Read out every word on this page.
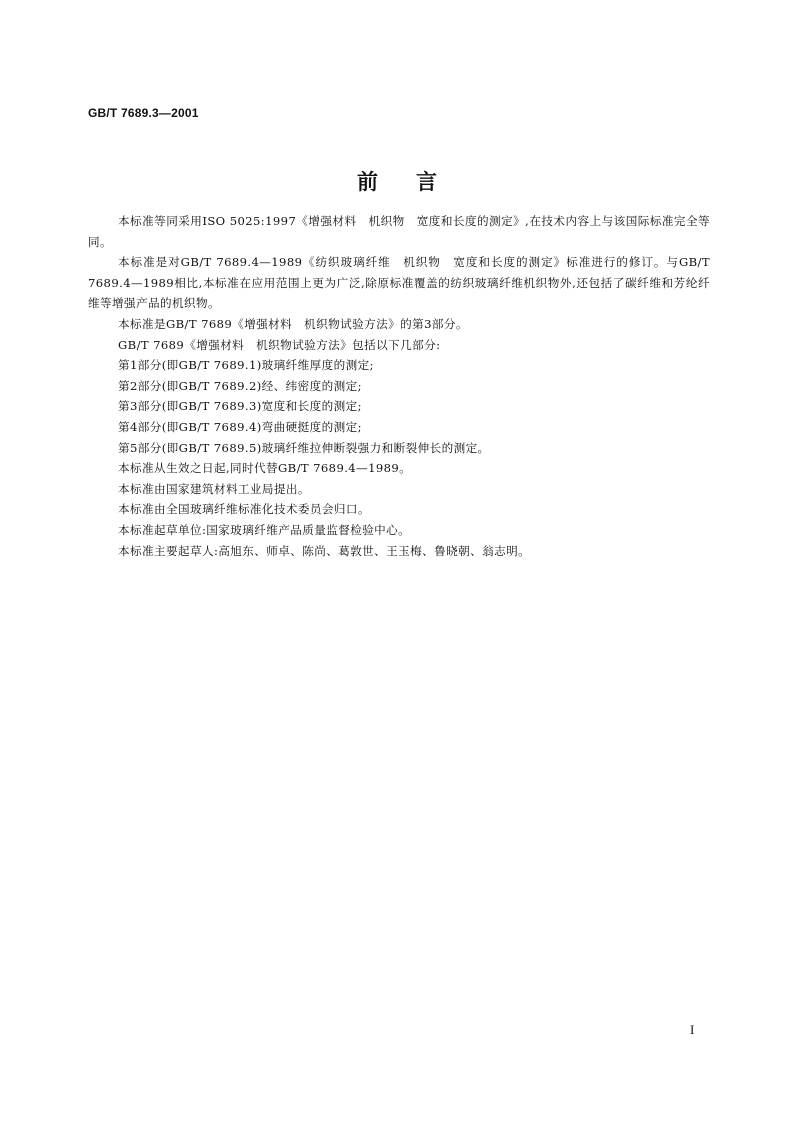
GB/T 7689.3—2001
前言

本标准等同采用ISO 5025:1997《增强材料　机织物　宽度和长度的测定》,在技术内容上与该国际标准完全等同。

本标准是对GB/T 7689.4—1989《纺织玻璃纤维　机织物　宽度和长度的测定》标准进行的修订。与GB/T 7689.4—1989相比,本标准在应用范围上更为广泛,除原标准覆盖的纺织玻璃纤维机织物外,还包括了碳纤维和芳纶纤维等增强产品的机织物。

本标准是GB/T 7689《增强材料　机织物试验方法》的第3部分。

GB/T 7689《增强材料　机织物试验方法》包括以下几部分:

第1部分(即GB/T 7689.1)玻璃纤维厚度的测定;

第2部分(即GB/T 7689.2)经、纬密度的测定;

第3部分(即GB/T 7689.3)宽度和长度的测定;

第4部分(即GB/T 7689.4)弯曲硬挺度的测定;

第5部分(即GB/T 7689.5)玻璃纤维拉伸断裂强力和断裂伸长的测定。

本标准从生效之日起,同时代替GB/T 7689.4—1989。

本标准由国家建筑材料工业局提出。

本标准由全国玻璃纤维标准化技术委员会归口。

本标准起草单位:国家玻璃纤维产品质量监督检验中心。

本标准主要起草人:高旭东、师卓、陈尚、葛敦世、王玉梅、鲁晓朝、翁志明。

I
